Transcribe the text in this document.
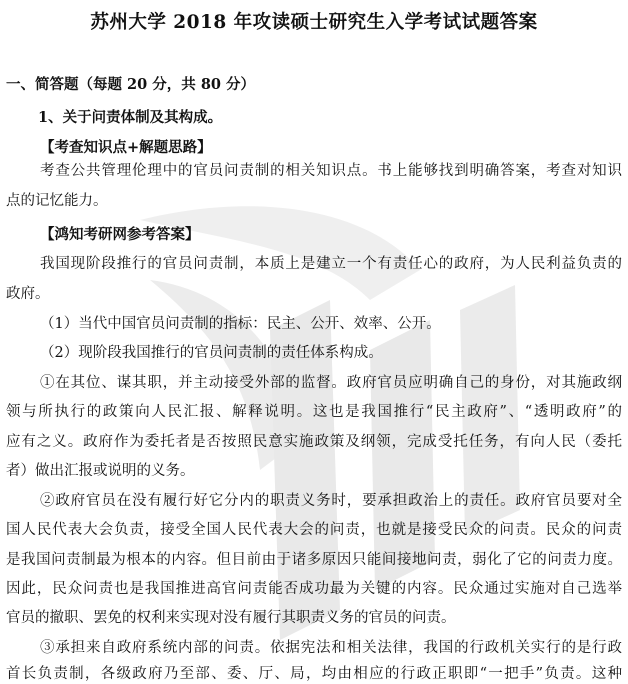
苏州大学 2018 年攻读硕士研究生入学考试试题答案
一、简答题（每题 20 分，共 80 分）
1、关于问责体制及其构成。
【考查知识点+解题思路】
考查公共管理伦理中的官员问责制的相关知识点。书上能够找到明确答案，考查对知识
点的记忆能力。
【鸿知考研网参考答案】
我国现阶段推行的官员问责制，本质上是建立一个有责任心的政府，为人民利益负责的
政府。
（1）当代中国官员问责制的指标：民主、公开、效率、公开。
（2）现阶段我国推行的官员问责制的责任体系构成。
①在其位、谋其职，并主动接受外部的监督。政府官员应明确自己的身份，对其施政纲
领与所执行的政策向人民汇报、解释说明。这也是我国推行“民主政府”、“透明政府”的
应有之义。政府作为委托者是否按照民意实施政策及纲领，完成受托任务，有向人民（委托
者）做出汇报或说明的义务。
②政府官员在没有履行好它分内的职责义务时，要承担政治上的责任。政府官员要对全
国人民代表大会负责，接受全国人民代表大会的问责，也就是接受民众的问责。民众的问责
是我国问责制最为根本的内容。但目前由于诸多原因只能间接地问责，弱化了它的问责力度。
因此，民众问责也是我国推进高官问责能否成功最为关键的内容。民众通过实施对自己选举
官员的撤职、罢免的权利来实现对没有履行其职责义务的官员的问责。
③承担来自政府系统内部的问责。依据宪法和相关法律，我国的行政机关实行的是行政
首长负责制，各级政府乃至部、委、厅、局，均由相应的行政正职即“一把手”负责。这种
